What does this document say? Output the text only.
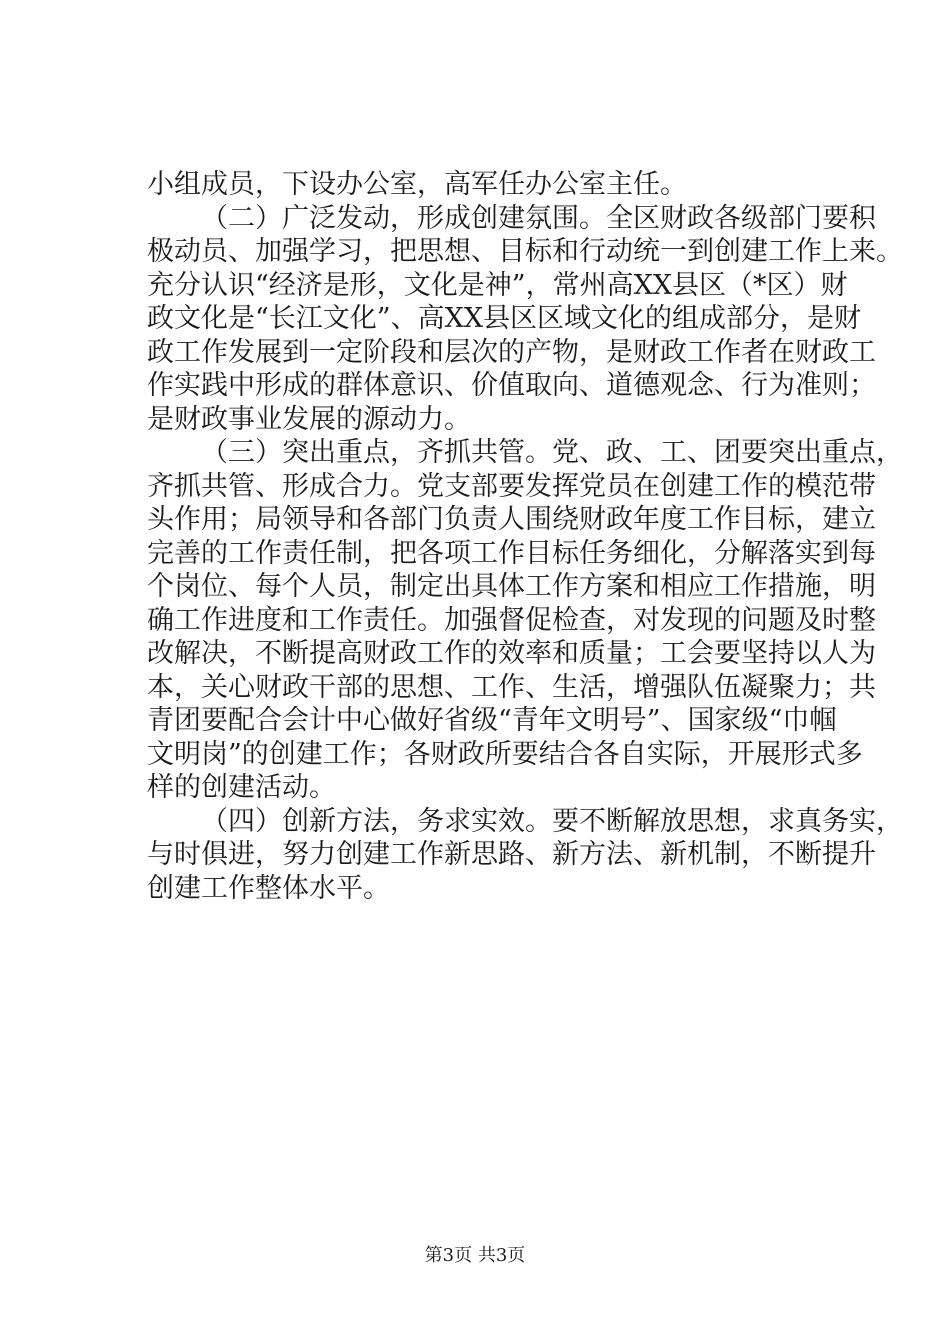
小组成员，下设办公室，高军任办公室主任。
（二）广泛发动，形成创建氛围。全区财政各级部门要积
极动员、加强学习，把思想、目标和行动统一到创建工作上来。
充分认识“经济是形，文化是神”，常州高XX县区（*区）财
政文化是“长江文化”、高XX县区区域文化的组成部分，是财
政工作发展到一定阶段和层次的产物，是财政工作者在财政工
作实践中形成的群体意识、价值取向、道德观念、行为准则；
是财政事业发展的源动力。
（三）突出重点，齐抓共管。党、政、工、团要突出重点，
齐抓共管、形成合力。党支部要发挥党员在创建工作的模范带
头作用；局领导和各部门负责人围绕财政年度工作目标，建立
完善的工作责任制，把各项工作目标任务细化，分解落实到每
个岗位、每个人员，制定出具体工作方案和相应工作措施，明
确工作进度和工作责任。加强督促检查，对发现的问题及时整
改解决，不断提高财政工作的效率和质量；工会要坚持以人为
本，关心财政干部的思想、工作、生活，增强队伍凝聚力；共
青团要配合会计中心做好省级“青年文明号”、国家级“巾帼
文明岗”的创建工作；各财政所要结合各自实际，开展形式多
样的创建活动。
（四）创新方法，务求实效。要不断解放思想，求真务实，
与时俱进，努力创建工作新思路、新方法、新机制，不断提升
创建工作整体水平。
第3页 共3页
